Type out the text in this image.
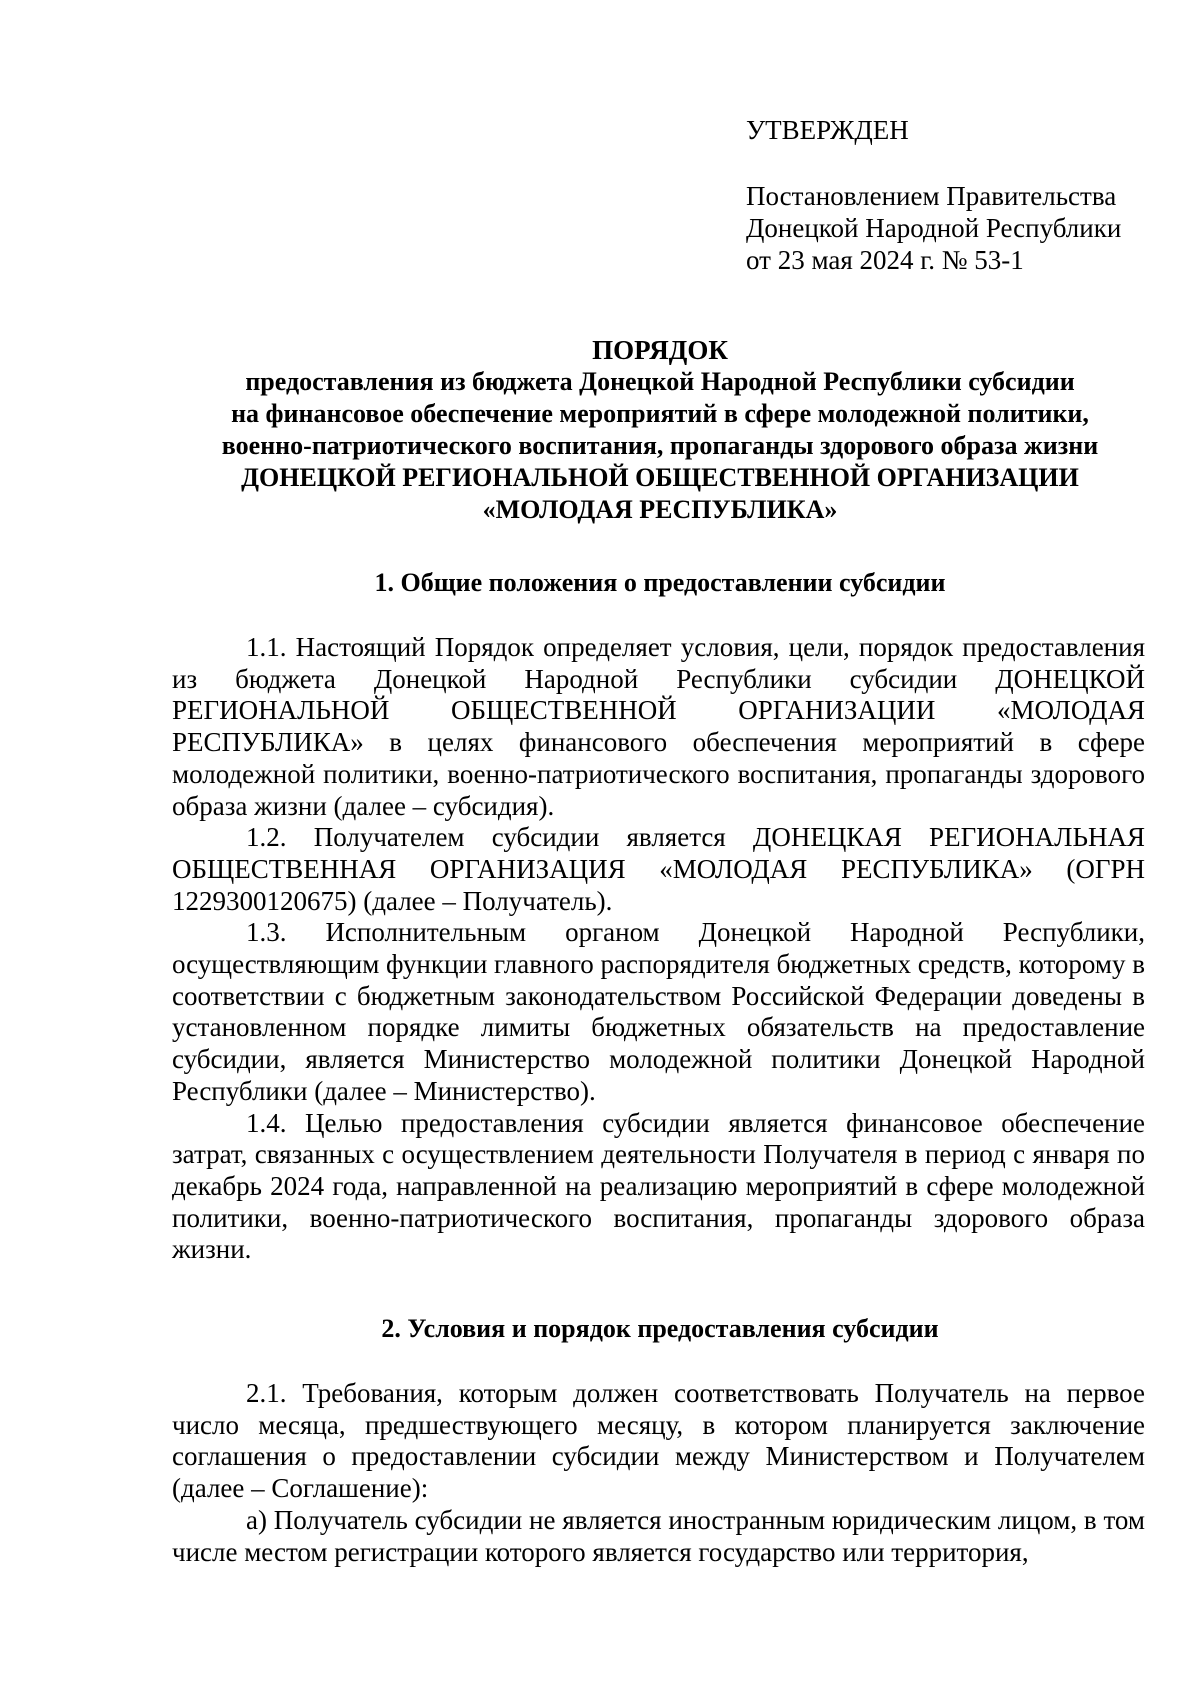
УТВЕРЖДЕН
Постановлением Правительства
Донецкой Народной Республики
от 23 мая 2024 г. № 53-1
ПОРЯДОК
предоставления из бюджета Донецкой Народной Республики субсидии
на финансовое обеспечение мероприятий в сфере молодежной политики,
военно-патриотического воспитания, пропаганды здорового образа жизни
ДОНЕЦКОЙ РЕГИОНАЛЬНОЙ ОБЩЕСТВЕННОЙ ОРГАНИЗАЦИИ
«МОЛОДАЯ РЕСПУБЛИКА»
1. Общие положения о предоставлении субсидии

1.1. Настоящий Порядок определяет условия, цели, порядок предоставления из бюджета Донецкой Народной Республики субсидии ДОНЕЦКОЙ РЕГИОНАЛЬНОЙ ОБЩЕСТВЕННОЙ ОРГАНИЗАЦИИ «МОЛОДАЯ РЕСПУБЛИКА» в целях финансового обеспечения мероприятий в сфере молодежной политики, военно-патриотического воспитания, пропаганды здорового образа жизни (далее – субсидия).

1.2. Получателем субсидии является ДОНЕЦКАЯ РЕГИОНАЛЬНАЯ ОБЩЕСТВЕННАЯ ОРГАНИЗАЦИЯ «МОЛОДАЯ РЕСПУБЛИКА» (ОГРН 1229300120675) (далее – Получатель).

1.3. Исполнительным органом Донецкой Народной Республики, осуществляющим функции главного распорядителя бюджетных средств, которому в соответствии с бюджетным законодательством Российской Федерации доведены в установленном порядке лимиты бюджетных обязательств на предоставление субсидии, является Министерство молодежной политики Донецкой Народной Республики (далее – Министерство).

1.4. Целью предоставления субсидии является финансовое обеспечение затрат, связанных с осуществлением деятельности Получателя в период с января по декабрь 2024 года, направленной на реализацию мероприятий в сфере молодежной политики, военно-патриотического воспитания, пропаганды здорового образа жизни.

2. Условия и порядок предоставления субсидии

2.1. Требования, которым должен соответствовать Получатель на первое число месяца, предшествующего месяцу, в котором планируется заключение соглашения о предоставлении субсидии между Министерством и Получателем (далее – Соглашение):

а) Получатель субсидии не является иностранным юридическим лицом, в том числе местом регистрации которого является государство или территория,
